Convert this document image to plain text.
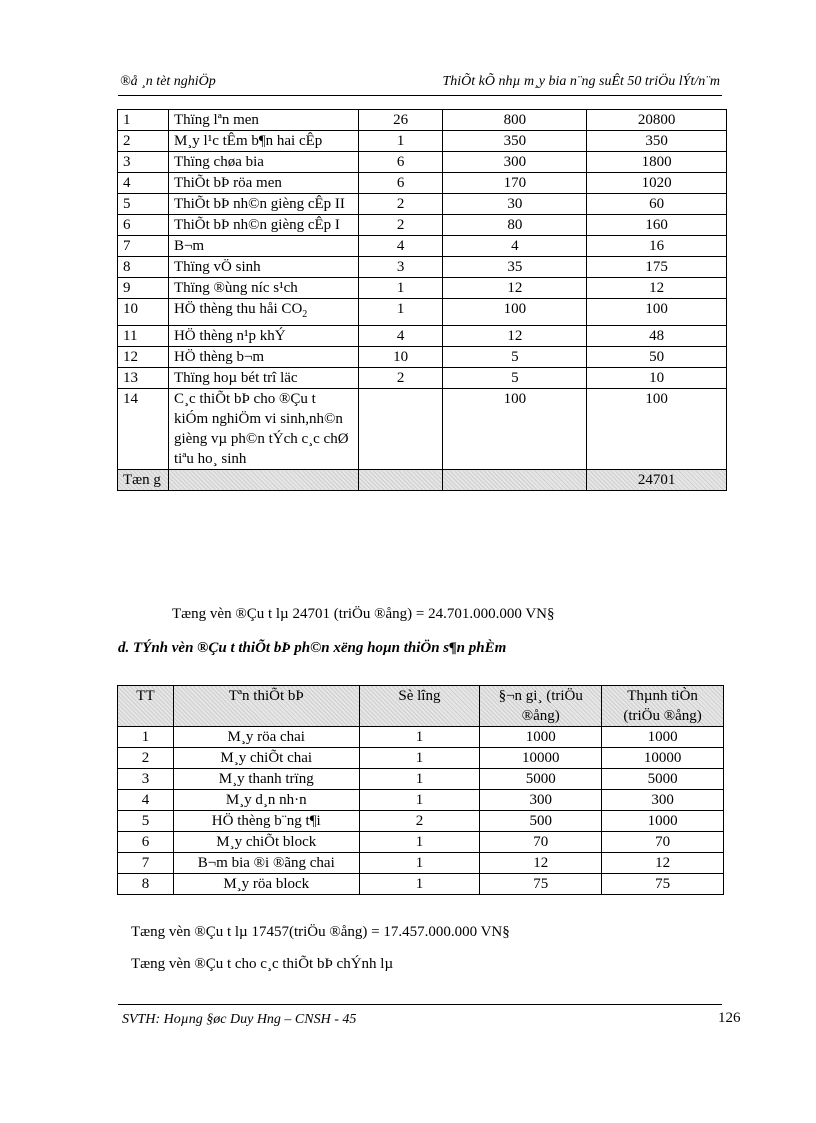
®å ¸n tèt nghiÖp	ThiÕt kÕ nhµ m¸y bia n¨ng suÊt 50 triÖu lÝt/n¨m
1	Thïng lªn men	26	800	20800
2	M¸y l¹c tÊm b¶n hai cÊp	1	350	350
3	Thïng chøa bia	6	300	1800
4	ThiÕt bÞ röa men	6	170	1020
5	ThiÕt bÞ nh©n gièng cÊp II	2	30	60
6	ThiÕt bÞ nh©n gièng cÊp I	2	80	160
7	B¬m	4	4	16
8	Thïng vÖ sinh	3	35	175
9	Thïng ®ùng níc s¹ch	1	12	12
10	HÖ thèng thu håi $CO_2$	1	100	100
11	HÖ thèng n¹p khÝ	4	12	48
12	HÖ thèng b¬m	10	5	50
13	Thïng hoµ bét trî läc	2	5	10
14	C¸c thiÕt bÞ cho ®Çu t kiÓm nghiÖm vi sinh,nh©n gièng vµ ph©n tÝch c¸c chØ tiªu ho¸ sinh		100	100
Tæn g				24701
Tæng vèn ®Çu t lµ 24701 (triÖu ®ång) = 24.701.000.000 VN§
d. TÝnh vèn ®Çu t thiÕt bÞ ph©n xëng hoµn thiÖn s¶n phÈm
TT	Tªn thiÕt bÞ	Sè lîng	§¬n gi¸ (triÖu ®ång)	Thµnh tiÒn (triÖu ®ång)
1	M¸y röa chai	1	1000	1000
2	M¸y chiÕt chai	1	10000	10000
3	M¸y thanh trïng	1	5000	5000
4	M¸y d¸n nh·n	1	300	300
5	HÖ thèng b¨ng t¶i	2	500	1000
6	M¸y chiÕt block	1	70	70
7	B¬m bia ®i ®ãng chai	1	12	12
8	M¸y röa block	1	75	75
Tæng vèn ®Çu t lµ 17457(triÖu ®ång) = 17.457.000.000 VN§
Tæng vèn ®Çu t cho c¸c thiÕt bÞ chÝnh lµ
SVTH: Hoµng §øc Duy Hng – CNSH - 45	126
